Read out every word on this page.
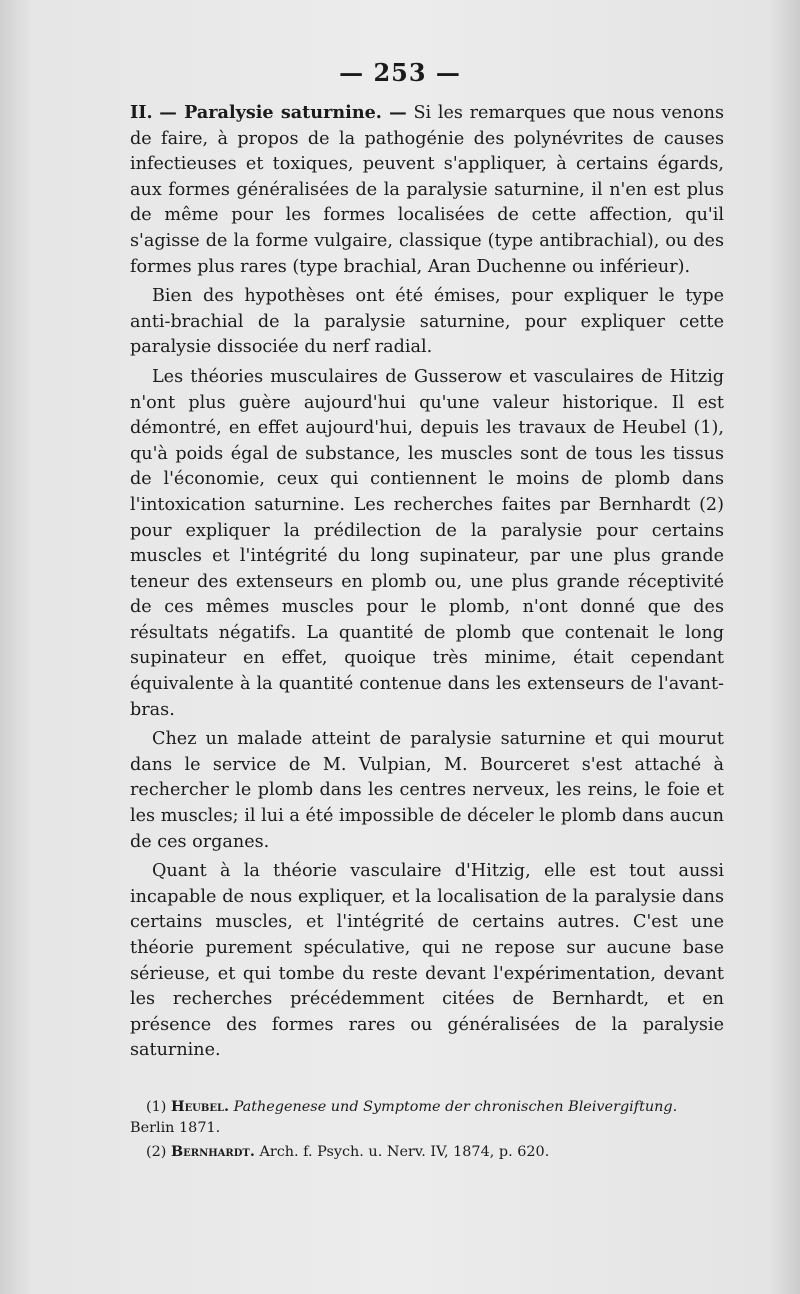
— 253 —

II. — Paralysie saturnine. — Si les remarques que nous venons de faire, à propos de la pathogénie des polynévrites de causes infectieuses et toxiques, peuvent s'appliquer, à certains égards, aux formes généralisées de la paralysie saturnine, il n'en est plus de même pour les formes localisées de cette affection, qu'il s'agisse de la forme vulgaire, classique (type antibrachial), ou des formes plus rares (type brachial, Aran Duchenne ou inférieur).

Bien des hypothèses ont été émises, pour expliquer le type anti-brachial de la paralysie saturnine, pour expliquer cette paralysie dissociée du nerf radial.

Les théories musculaires de Gusserow et vasculaires de Hitzig n'ont plus guère aujourd'hui qu'une valeur historique. Il est démontré, en effet aujourd'hui, depuis les travaux de Heubel (1), qu'à poids égal de substance, les muscles sont de tous les tissus de l'économie, ceux qui contiennent le moins de plomb dans l'intoxication saturnine. Les recherches faites par Bernhardt (2) pour expliquer la prédilection de la paralysie pour certains muscles et l'intégrité du long supinateur, par une plus grande teneur des extenseurs en plomb ou, une plus grande réceptivité de ces mêmes muscles pour le plomb, n'ont donné que des résultats négatifs. La quantité de plomb que contenait le long supinateur en effet, quoique très minime, était cependant équivalente à la quantité contenue dans les extenseurs de l'avant-bras.

Chez un malade atteint de paralysie saturnine et qui mourut dans le service de M. Vulpian, M. Bourceret s'est attaché à rechercher le plomb dans les centres nerveux, les reins, le foie et les muscles; il lui a été impossible de déceler le plomb dans aucun de ces organes.

Quant à la théorie vasculaire d'Hitzig, elle est tout aussi incapable de nous expliquer, et la localisation de la paralysie dans certains muscles, et l'intégrité de certains autres. C'est une théorie purement spéculative, qui ne repose sur aucune base sérieuse, et qui tombe du reste devant l'expérimentation, devant les recherches précédemment citées de Bernhardt, et en présence des formes rares ou généralisées de la paralysie saturnine.

(1) Heubel. Pathegenese und Symptome der chronischen Bleivergiftung. Berlin 1871.

(2) Bernhardt. Arch. f. Psych. u. Nerv. IV, 1874, p. 620.
